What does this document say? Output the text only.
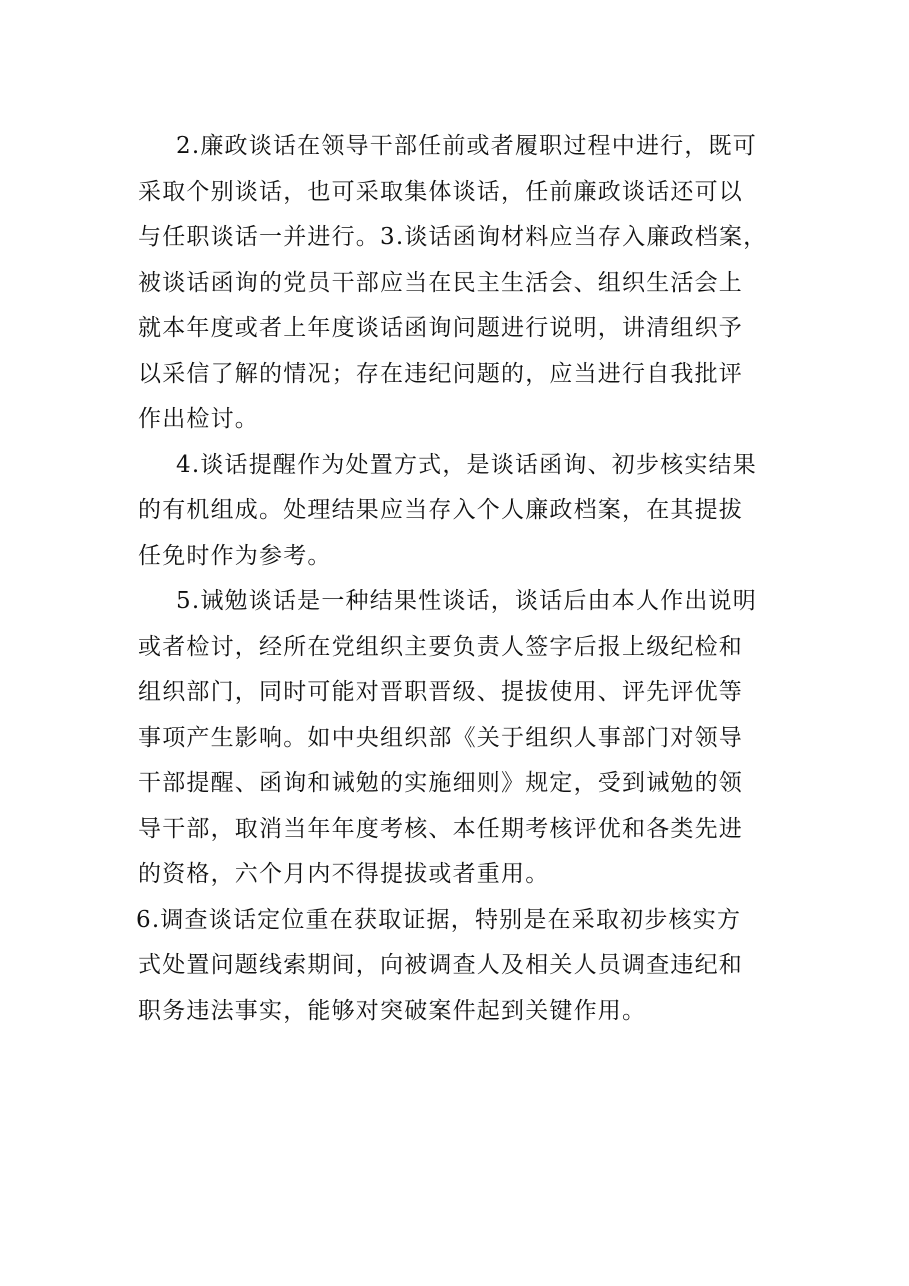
2.廉政谈话在领导干部任前或者履职过程中进行，既可
采取个别谈话，也可采取集体谈话，任前廉政谈话还可以
与任职谈话一并进行。3.谈话函询材料应当存入廉政档案，
被谈话函询的党员干部应当在民主生活会、组织生活会上
就本年度或者上年度谈话函询问题进行说明，讲清组织予
以采信了解的情况；存在违纪问题的，应当进行自我批评
作出检讨。
4.谈话提醒作为处置方式，是谈话函询、初步核实结果
的有机组成。处理结果应当存入个人廉政档案，在其提拔
任免时作为参考。
5.诫勉谈话是一种结果性谈话，谈话后由本人作出说明
或者检讨，经所在党组织主要负责人签字后报上级纪检和
组织部门，同时可能对晋职晋级、提拔使用、评先评优等
事项产生影响。如中央组织部《关于组织人事部门对领导
干部提醒、函询和诫勉的实施细则》规定，受到诫勉的领
导干部，取消当年年度考核、本任期考核评优和各类先进
的资格，六个月内不得提拔或者重用。
6.调查谈话定位重在获取证据，特别是在采取初步核实方
式处置问题线索期间，向被调查人及相关人员调查违纪和
职务违法事实，能够对突破案件起到关键作用。
